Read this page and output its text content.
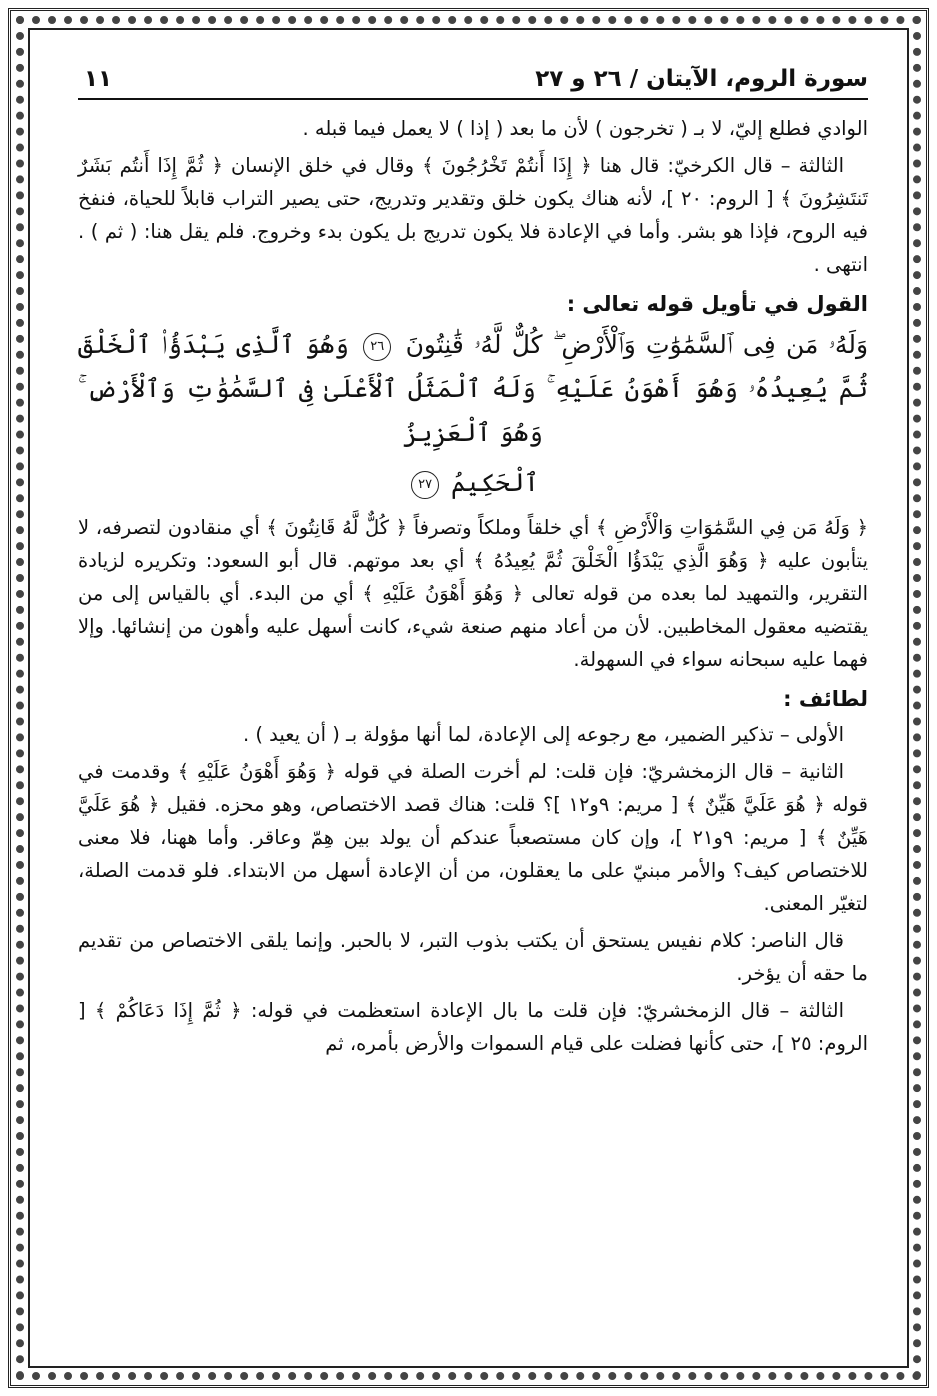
سورة الروم، الآيتان / ٢٦ و ٢٧
١١

الوادي فطلع إليّ، لا بـ ( تخرجون ) لأن ما بعد ( إذا ) لا يعمل فيما قبله .

الثالثة – قال الكرخيّ: قال هنا ﴿ إِذَا أَنتُمْ تَخْرُجُونَ ﴾ وقال في خلق الإنسان ﴿ ثُمَّ إِذَا أَنتُم بَشَرٌ تَنتَشِرُونَ ﴾ [ الروم: ٢٠ ]، لأنه هناك يكون خلق وتقدير وتدريج، حتى يصير التراب قابلاً للحياة، فنفخ فيه الروح، فإذا هو بشر. وأما في الإعادة فلا يكون تدريج بل يكون بدء وخروج. فلم يقل هنا: ( ثم ) . انتهى .

القول في تأويل قوله تعالى :
وَلَهُۥ مَن فِى ٱلسَّمَٰوَٰتِ وَٱلْأَرْضِ ۖ كُلٌّ لَّهُۥ قَٰنِتُونَ ٢٦ وَهُوَ ٱلَّذِى يَبْدَؤُا۟ ٱلْخَلْقَ ثُمَّ يُعِيدُهُۥ وَهُوَ أَهْوَنُ عَلَيْهِ ۚ وَلَهُ ٱلْمَثَلُ ٱلْأَعْلَىٰ فِى ٱلسَّمَٰوَٰتِ وَٱلْأَرْضِ ۚ وَهُوَ ٱلْعَزِيزُ
ٱلْحَكِيمُ ٢٧

﴿ وَلَهُ مَن فِي السَّمَٰوَاتِ وَالْأَرْضِ ﴾ أي خلقاً وملكاً وتصرفاً ﴿ كُلٌّ لَّهُ قَانِتُونَ ﴾ أي منقادون لتصرفه، لا يتأبون عليه ﴿ وَهُوَ الَّذِي يَبْدَؤُا الْخَلْقَ ثُمَّ يُعِيدُهُ ﴾ أي بعد موتهم. قال أبو السعود: وتكريره لزيادة التقرير، والتمهيد لما بعده من قوله تعالى ﴿ وَهُوَ أَهْوَنُ عَلَيْهِ ﴾ أي من البدء. أي بالقياس إلى من يقتضيه معقول المخاطبين. لأن من أعاد منهم صنعة شيء، كانت أسهل عليه وأهون من إنشائها. وإلا فهما عليه سبحانه سواء في السهولة.

لطائف :

الأولى – تذكير الضمير، مع رجوعه إلى الإعادة، لما أنها مؤولة بـ ( أن يعيد ) .

الثانية – قال الزمخشريّ: فإن قلت: لم أخرت الصلة في قوله ﴿ وَهُوَ أَهْوَنُ عَلَيْهِ ﴾ وقدمت في قوله ﴿ هُوَ عَلَيَّ هَيِّنٌ ﴾ [ مريم: ٩و١٢ ]؟ قلت: هناك قصد الاختصاص، وهو محزه. فقيل ﴿ هُوَ عَلَيَّ هَيِّنٌ ﴾ [ مريم: ٩و٢١ ]، وإن كان مستصعباً عندكم أن يولد بين هِمّ وعاقر. وأما ههنا، فلا معنى للاختصاص كيف؟ والأمر مبنيّ على ما يعقلون، من أن الإعادة أسهل من الابتداء. فلو قدمت الصلة، لتغيّر المعنى.

قال الناصر: كلام نفيس يستحق أن يكتب بذوب التبر، لا بالحبر. وإنما يلقى الاختصاص من تقديم ما حقه أن يؤخر.

الثالثة – قال الزمخشريّ: فإن قلت ما بال الإعادة استعظمت في قوله: ﴿ ثُمَّ إِذَا دَعَاكُمْ ﴾ [ الروم: ٢٥ ]، حتى كأنها فضلت على قيام السموات والأرض بأمره، ثم
